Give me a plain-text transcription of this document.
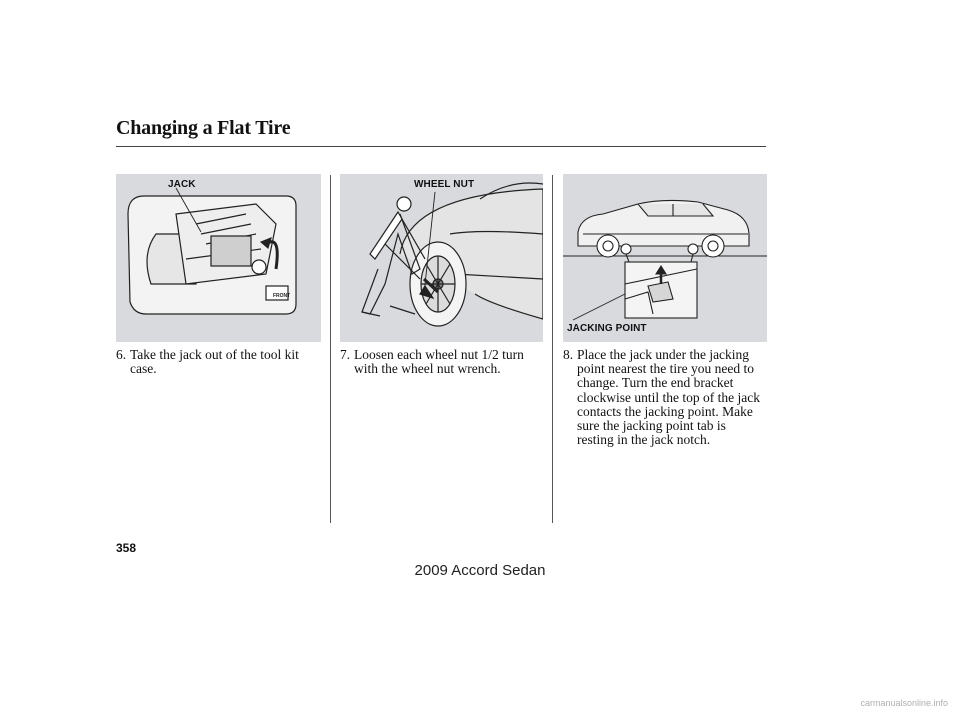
Changing a Flat Tire
FRONT
JACK	WHEEL NUT
JACKING POINT
6. Take the jack out of the tool kit
case.
7. Loosen each wheel nut 1/2 turn
with the wheel nut wrench.
8. Place the jack under the jacking
point nearest the tire you need to
change. Turn the end bracket
clockwise until the top of the jack
contacts the jacking point. Make
sure the jacking point tab is
resting in the jack notch.
358
2009 Accord Sedan
carmanualsonline.info
